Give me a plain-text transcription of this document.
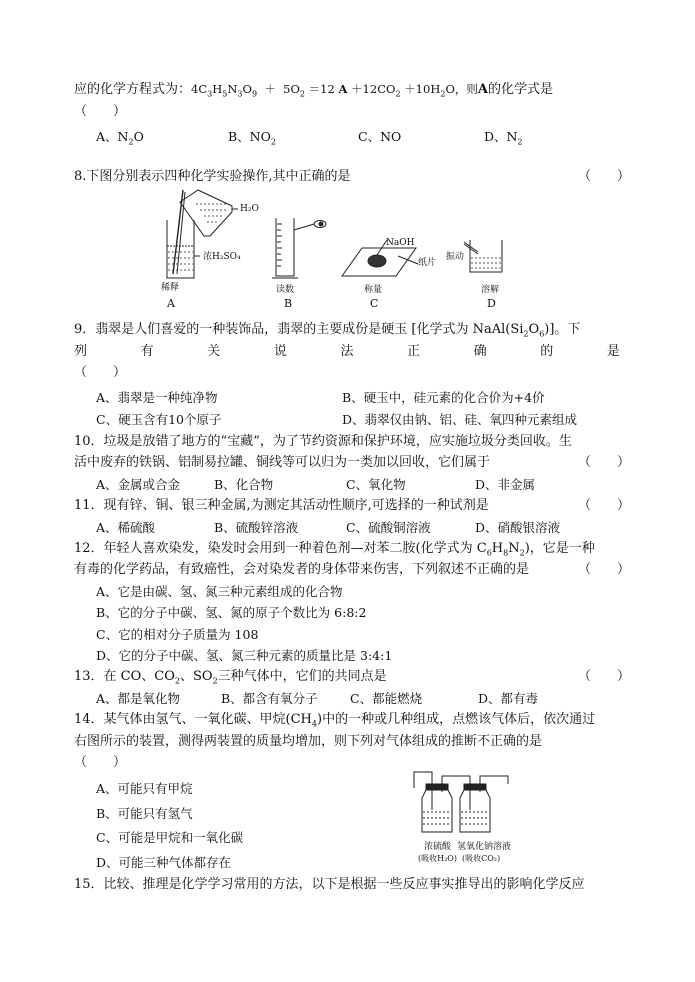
应的化学方程式为：$4C_3H_5N_3O_9 + 5O_2 =12$ $A +12CO_2 +10H_2O$，则A的化学式是
（　　）
A、$N_2O$	B、$NO_2$	C、NO	D、$N_2$
8.下图分别表示四种化学实验操作,其中正确的是	（　　）
H₂O
浓H₂SO₄
稀释
A
读数
B
NaOH
纸片
称量
C
振动
溶解
D
9．翡翠是人们喜爱的一种装饰品，翡翠的主要成份是硬玉 [化学式为 $NaAl(Si_2O_6)$]。下
列	有	关	说	法	正	确	的	是
（　　）
A、翡翠是一种纯净物	B、硬玉中，硅元素的化合价为+4价
C、硬玉含有10个原子	D、翡翠仅由钠、铝、硅、氧四种元素组成
10．垃圾是放错了地方的“宝藏”，为了节约资源和保护环境，应实施垃圾分类回收。生
活中废弃的铁锅、铝制易拉罐、铜线等可以归为一类加以回收，它们属于	（　　）
A、金属或合金	B、化合物	C、氧化物	D、非金属
11．现有锌、铜、银三种金属,为测定其活动性顺序,可选择的一种试剂是	（　　）
A、稀硫酸	B、硫酸锌溶液	C、硫酸铜溶液	D、硝酸银溶液
12．年轻人喜欢染发，染发时会用到一种着色剂—对苯二胺(化学式为 $C_6H_8N_2$)，它是一种
有毒的化学药品，有致癌性，会对染发者的身体带来伤害，下列叙述不正确的是	（　　）
A、它是由碳、氢、氮三种元素组成的化合物
B、它的分子中碳、氢、氮的原子个数比为 6:8:2
C、它的相对分子质量为 108
D、它的分子中碳、氢、氮三种元素的质量比是 3:4:1
13．在 CO、$CO_2$、$SO_2$三种气体中，它们的共同点是	（　　）
A、都是氧化物	B、都含有氧分子	C、都能燃烧	D、都有毒
14．某气体由氢气、一氧化碳、甲烷$(CH_4)$中的一种或几种组成，点燃该气体后，依次通过
右图所示的装置，测得两装置的质量均增加，则下列对气体组成的推断不正确的是
（　　）
A、可能只有甲烷
B、可能只有氢气
C、可能是甲烷和一氧化碳
D、可能三种气体都存在
浓硫酸 氢氧化钠溶液
(吸收H₂O) (吸收CO₂)
15．比较、推理是化学学习常用的方法，以下是根据一些反应事实推导出的影响化学反应
